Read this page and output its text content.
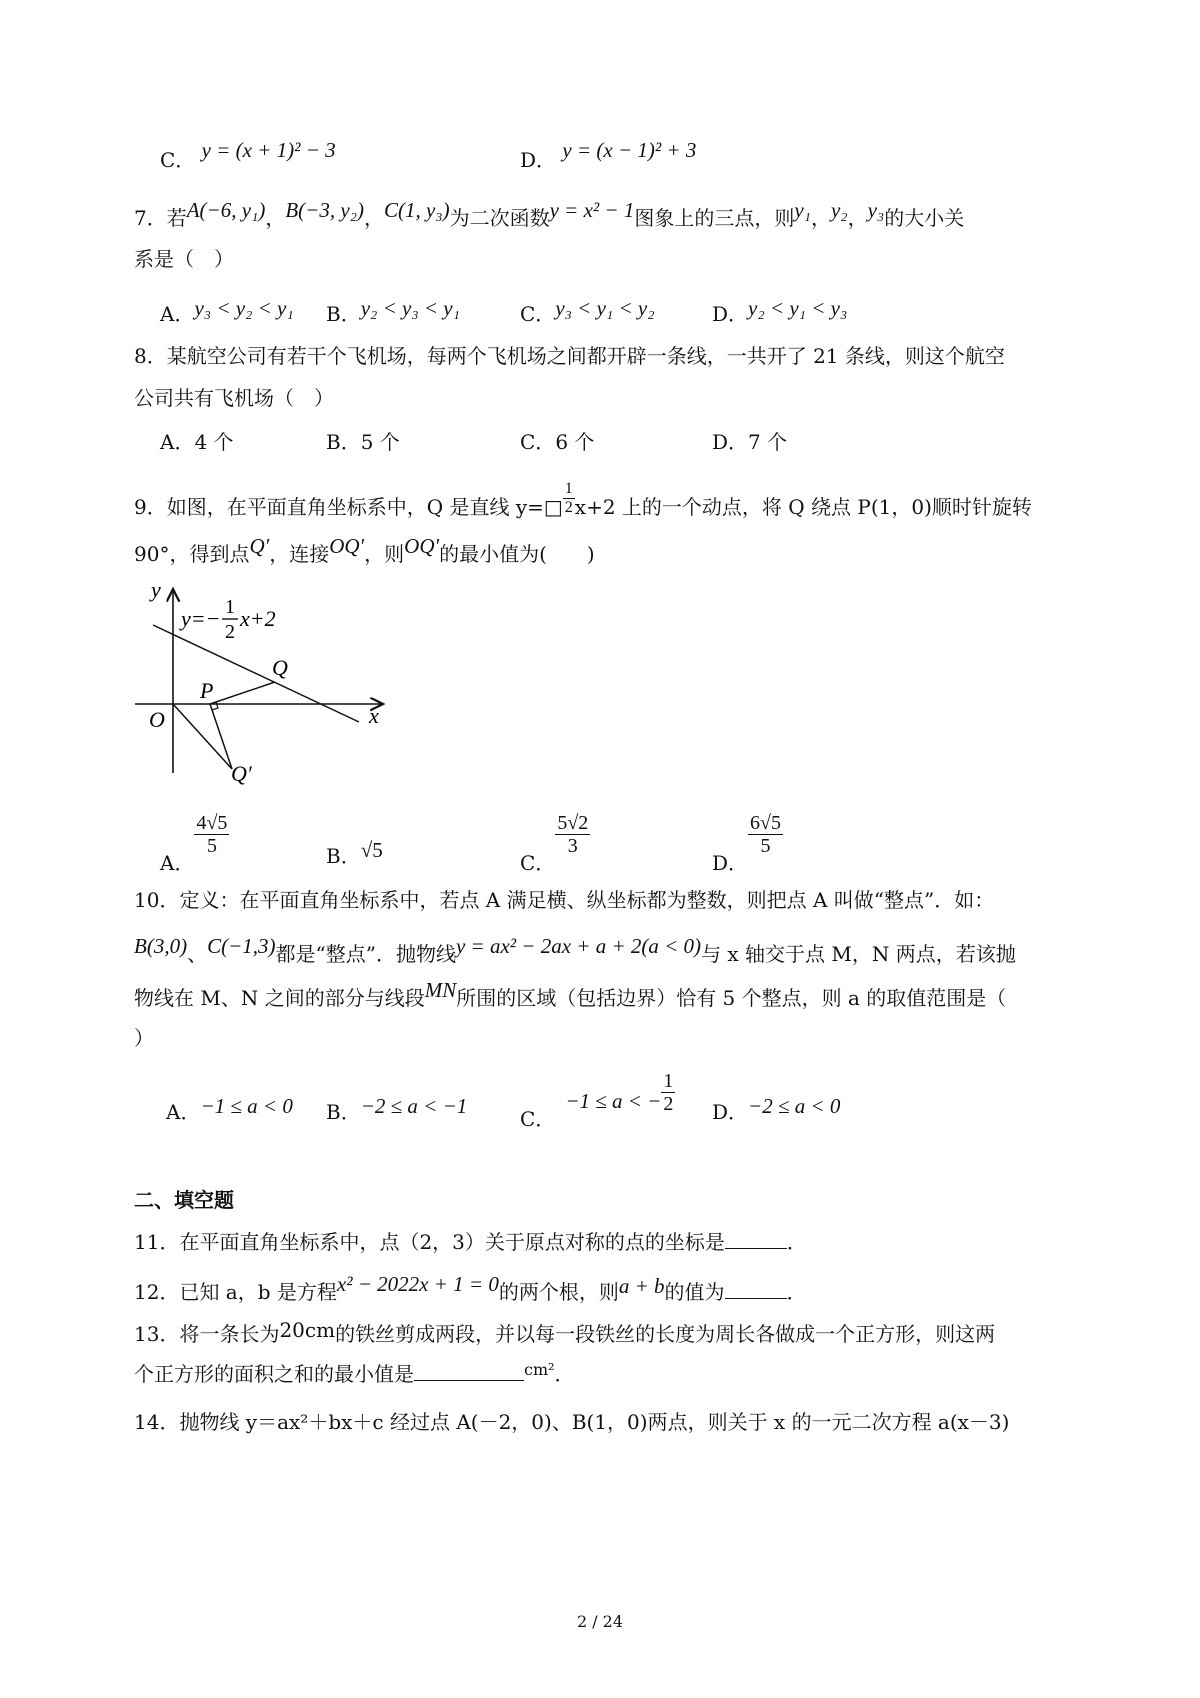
C． y = (x + 1)² − 3	D． y = (x − 1)² + 3
7．若A(−6, y₁)，B(−3, y₂)，C(1, y₃)为二次函数y = x² − 1图象上的三点，则y₁，y₂，y₃的大小关
系是（　）
A．y₃ < y₂ < y₁ B．y₂ < y₃ < y₁	C．y₃ < y₁ < y₂	D．y₂ < y₁ < y₃
8．某航空公司有若干个飞机场，每两个飞机场之间都开辟一条线，一共开了 21 条线，则这个航空
公司共有飞机场（　）
A．4 个	B．5 个	C．6 个	D．7 个
9．如图，在平面直角坐标系中，Q 是直线 y=□ $\frac{1}{2} x+2$ 上的一个动点，将 Q 绕点 P(1，0)顺时针旋转
90°，得到点Q′，连接OQ′，则OQ′的最小值为(　　)
y
x
O
P
Q
Q′
y=− 1
2
x+2
A．
$\frac{4√5}{5}$	B．√5
C．
$\frac{5√2}{3}$
D．
$\frac{6√5}{5}$
10．定义：在平面直角坐标系中，若点 A 满足横、纵坐标都为整数，则把点 A 叫做“整点”．如：
B(3,0)、C(−1,3)都是“整点”．抛物线y = ax² − 2ax + a + 2(a < 0)与 x 轴交于点 M，N 两点，若该抛
物线在 M、N 之间的部分与线段MN所围的区域（包括边界）恰有 5 个整点，则 a 的取值范围是（
）
A．−1 ≤ a < 0 B．−2 ≤ a < −1
C．−1 ≤ a < − $\frac{1}{2}$ D．−2 ≤ a < 0
二、填空题
11．在平面直角坐标系中，点（2，3）关于原点对称的点的坐标是	．
12．已知 a，b 是方程x² − 2022x + 1 = 0的两个根，则a + b的值为	．
13．将一条长为20cm的铁丝剪成两段，并以每一段铁丝的长度为周长各做成一个正方形，则这两
个正方形的面积之和的最小值是	$^{cm^2}$．
14．抛物线 y＝ax²＋bx＋c 经过点 A(－2，0)、B(1，0)两点，则关于 x 的一元二次方程 a(x－3)
2 / 24
